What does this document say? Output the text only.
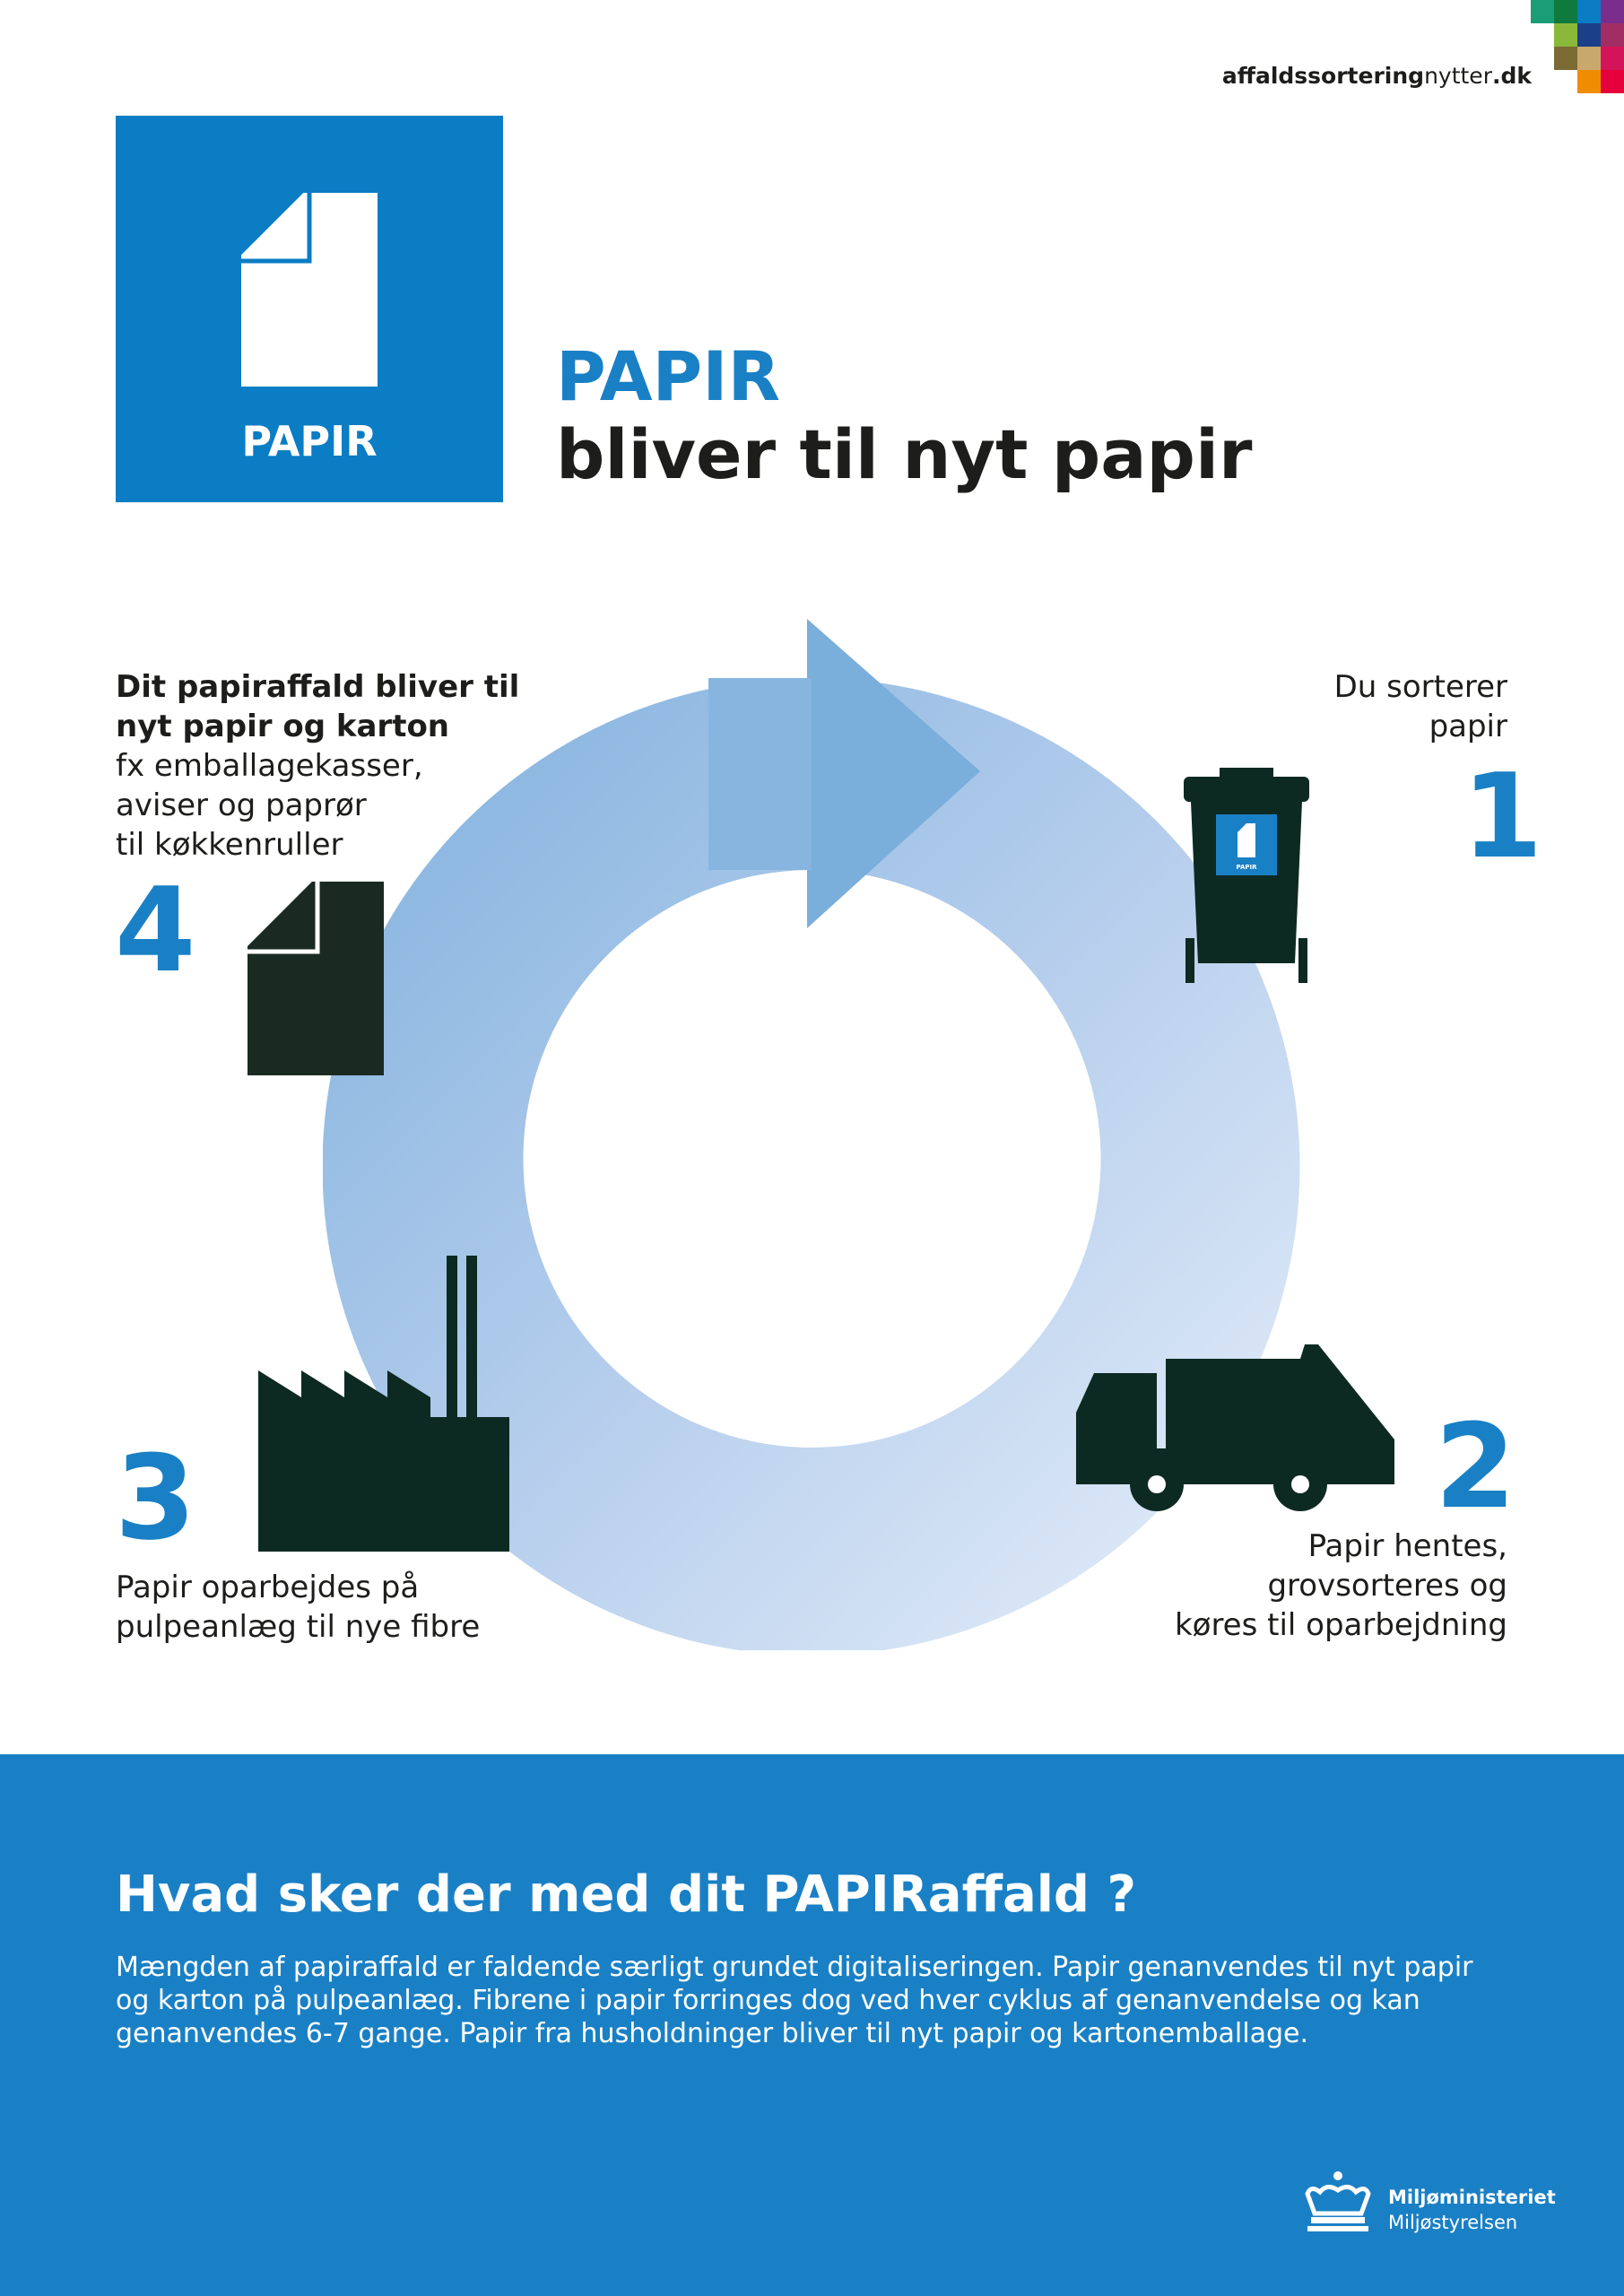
affaldssorteringnytter.dk
PAPIR
PAPIR
bliver til nyt papir
Du sorterer
papir
1
PAPIR
2
Papir hentes,
grovsorteres og
køres til oparbejdning
3
Papir oparbejdes på
pulpeanlæg til nye fibre
Dit papiraffald bliver til
nyt papir og karton
fx emballagekasser,
aviser og paprør
til køkkenruller
4
Hvad sker der med dit PAPIRaffald ?
Mængden af papiraffald er faldende særligt grundet digitaliseringen. Papir genanvendes til nyt papir og karton på pulpeanlæg. Fibrene i papir forringes dog ved hver cyklus af genanvendelse og kan genanvendes 6-7 gange. Papir fra husholdninger bliver til nyt papir og kartonemballage.
Miljøministeriet
Miljøstyrelsen
